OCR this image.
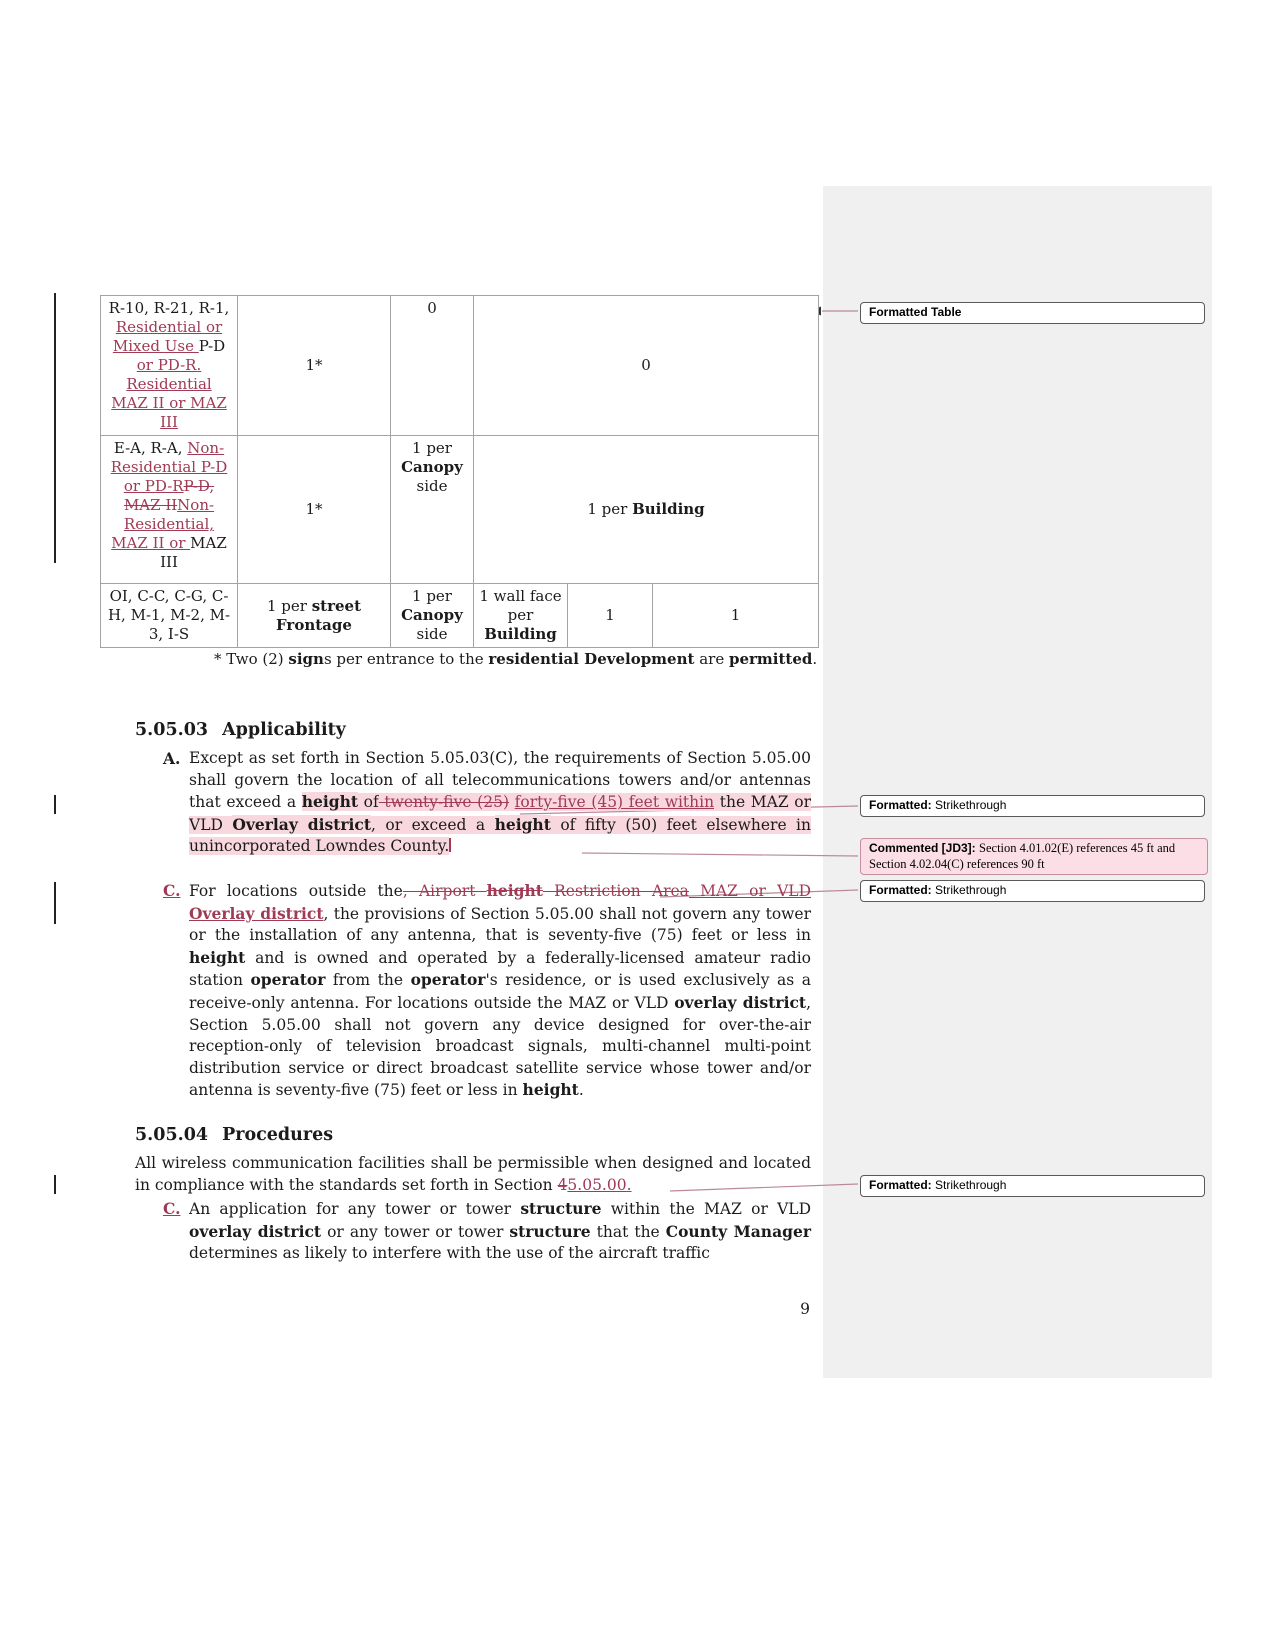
R-10, R-21, R-1, Residential or Mixed Use P-D or PD-R. Residential MAZ II or MAZ III	1*	0	0		
E-A, R-A, Non-Residential P-D or PD-RP-D, MAZ IINon-Residential, MAZ II or MAZ III	1*	1 per Canopy side	1 per Building		
OI, C-C, C-G, C-H, M-1, M-2, M-3, I-S	1 per street Frontage	1 per Canopy side	1 wall face per Building	1	1
* Two (2) signs per entrance to the residential Development are permitted.
5.05.03 Applicability
A. Except as set forth in Section 5.05.03(C), the requirements of Section 5.05.00 shall govern the location of all telecommunications towers and/or antennas that exceed a height of twenty-five (25) forty-five (45) feet within the MAZ or VLD Overlay district, or exceed a height of fifty (50) feet elsewhere in unincorporated Lowndes County.
C. For locations outside the, Airport height Restriction Area MAZ or VLD Overlay district, the provisions of Section 5.05.00 shall not govern any tower or the installation of any antenna, that is seventy-five (75) feet or less in height and is owned and operated by a federally-licensed amateur radio station operator from the operator's residence, or is used exclusively as a receive-only antenna. For locations outside the MAZ or VLD overlay district, Section 5.05.00 shall not govern any device designed for over-the-air reception-only of television broadcast signals, multi-channel multi-point distribution service or direct broadcast satellite service whose tower and/or antenna is seventy-five (75) feet or less in height.
5.05.04 Procedures
All wireless communication facilities shall be permissible when designed and located in compliance with the standards set forth in Section 45.05.00.
C. An application for any tower or tower structure within the MAZ or VLD overlay district or any tower or tower structure that the County Manager determines as likely to interfere with the use of the aircraft traffic
9
Formatted Table
Formatted: Strikethrough
Commented [JD3]: Section 4.01.02(E) references 45 ft and Section 4.02.04(C) references 90 ft
Formatted: Strikethrough
Formatted: Strikethrough
